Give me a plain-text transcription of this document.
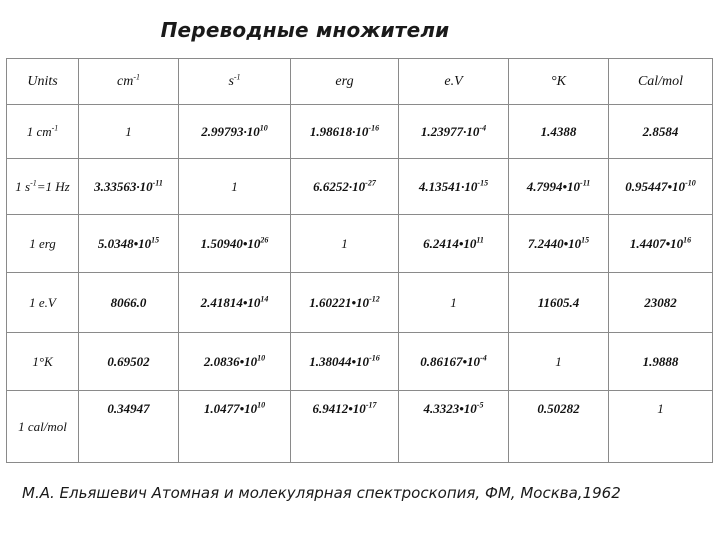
Переводные множители
Units	$cm^{-1}$	$s^{-1}$	erg	e.V	°K	Cal/mol
1 $cm^{-1}$	1	$2.99793\cdot 10^{10}$	$1.98618\cdot 10^{-16}$	$1.23977\cdot 10^{-4}$	1.4388	2.8584
1 $s^{-1}=1$ Hz	$3.33563\cdot 10^{-11}$	1	$6.6252\cdot 10^{-27}$	$4.13541\cdot 10^{-15}$	$4.7994•10^{-11}$	$0.95447•10^{-10}$
1 erg	$5.0348•10^{15}$	$1.50940•10^{26}$	1	$6.2414•10^{11}$	$7.2440•10^{15}$	$1.4407•10^{16}$
1 e.V	8066.0	$2.41814•10^{14}$	$1.60221•10^{-12}$	1	11605.4	23082
1°K	0.69502	$2.0836•10^{10}$	$1.38044•10^{-16}$	$0.86167•10^{-4}$	1	1.9888
1 cal/mol	0.34947	$1.0477•10^{10}$	$6.9412•10^{-17}$	$4.3323•10^{-5}$	0.50282	1
М.А. Ельяшевич Атомная и молекулярная спектроскопия, ФМ, Москва,1962
